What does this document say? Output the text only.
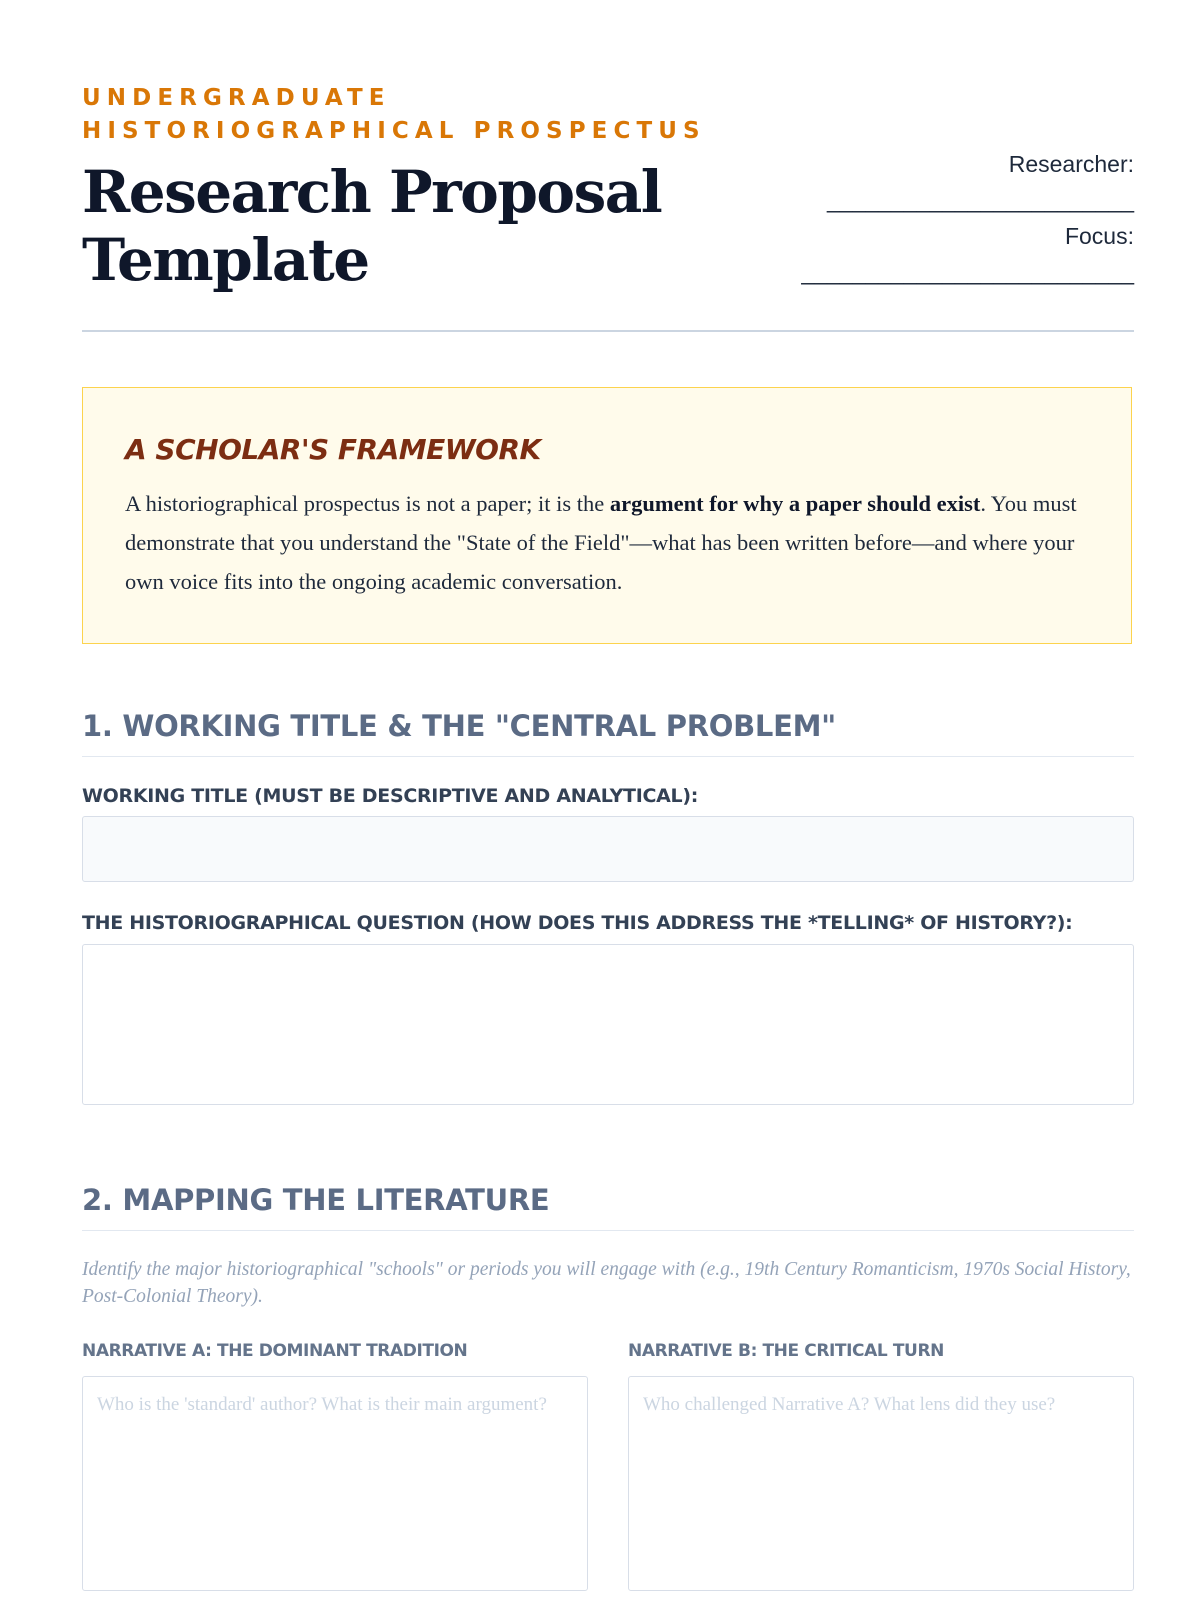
UNDERGRADUATE HISTORIOGRAPHICAL PROSPECTUS

Research Proposal Template
Researcher:
________________________
Focus:
__________________________
A SCHOLAR'S FRAMEWORK

A historiographical prospectus is not a paper; it is the argument for why a paper should exist. You must demonstrate that you understand the "State of the Field"—what has been written before—and where your own voice fits into the ongoing academic conversation.

1. WORKING TITLE & THE "CENTRAL PROBLEM"

WORKING TITLE (MUST BE DESCRIPTIVE AND ANALYTICAL):

THE HISTORIOGRAPHICAL QUESTION (HOW DOES THIS ADDRESS THE *TELLING* OF HISTORY?):

2. MAPPING THE LITERATURE

Identify the major historiographical "schools" or periods you will engage with (e.g., 19th Century Romanticism, 1970s Social History, Post-Colonial Theory).

NARRATIVE A: THE DOMINANT TRADITION	NARRATIVE B: THE CRITICAL TURN

Who is the 'standard' author? What is their main argument?
Who challenged Narrative A? What lens did they use?
